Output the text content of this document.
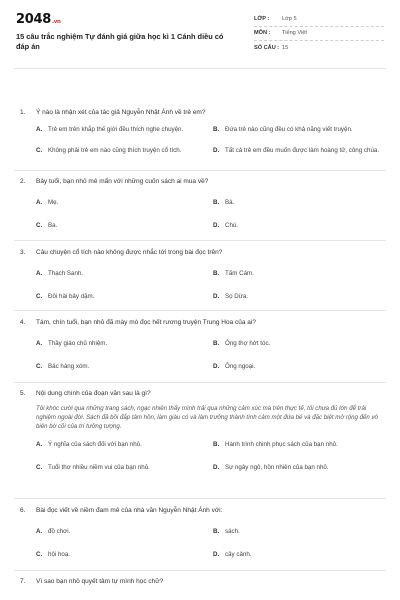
2048.vn
15 câu trắc nghiệm Tự đánh giá giữa học kì 1 Cánh diều có đáp án
LỚP :	Lớp 5
MÔN :	Tiếng Việt
SỐ CÂU : 15
1.	Ý nào là nhận xét của tác giả Nguyễn Nhật Ánh về trẻ em?
A. Trẻ em trên khắp thế giới đều thích nghe chuyện.	B. Đứa trẻ nào cũng đều có khả năng viết truyện.
C. Không phải trẻ em nào cũng thích truyện cổ tích.	D. Tất cả trẻ em đều muốn được làm hoàng tử, công chúa.
2.	Bảy tuổi, bạn nhỏ mê mẩn với những cuốn sách ai mua về?
A. Mẹ.	B. Bà.
C. Ba.	D. Chú.
3.	Câu chuyện cổ tích nào không được nhắc tới trong bài đọc trên?
A. Thạch Sanh.	B. Tấm Cám.
C. Đôi hài bảy dặm.	D. Sọ Dừa.
4.	Tám, chín tuổi, bạn nhỏ đã mày mò đọc hết rương truyện Trung Hoa của ai?
A. Thầy giáo chủ nhiệm.	B. Ông thợ hớt tóc.
C. Bác hàng xóm.	D. Ông ngoại.
5.	Nội dung chính của đoạn văn sau là gì?
Tôi khóc cười qua những trang sách, ngạc nhiên thấy mình trải qua những cảm xúc mà trên thực tế, tôi chưa đủ lớn để trải nghiệm ngoài đời. Sách đã bồi đắp tâm hồn, làm giàu có và làm trưởng thành tình cảm một đứa bé và đặc biệt mở rộng đến vô biên bờ cõi của trí tưởng tượng.
A. Ý nghĩa của sách đối với bạn nhỏ.	B. Hành trình chinh phục sách của bạn nhỏ.
C. Tuổi thơ nhiều niềm vui của bạn nhỏ.	D. Sự ngây ngô, hồn nhiên của bạn nhỏ.
6.	Bài đọc viết về niềm đam mê của nhà văn Nguyễn Nhật Ánh với:
A. đồ chơi.	B. sách.
C. hội hoạ.	D. cây cảnh.
7.	Vì sao bạn nhỏ quyết tâm tự mình học chữ?
